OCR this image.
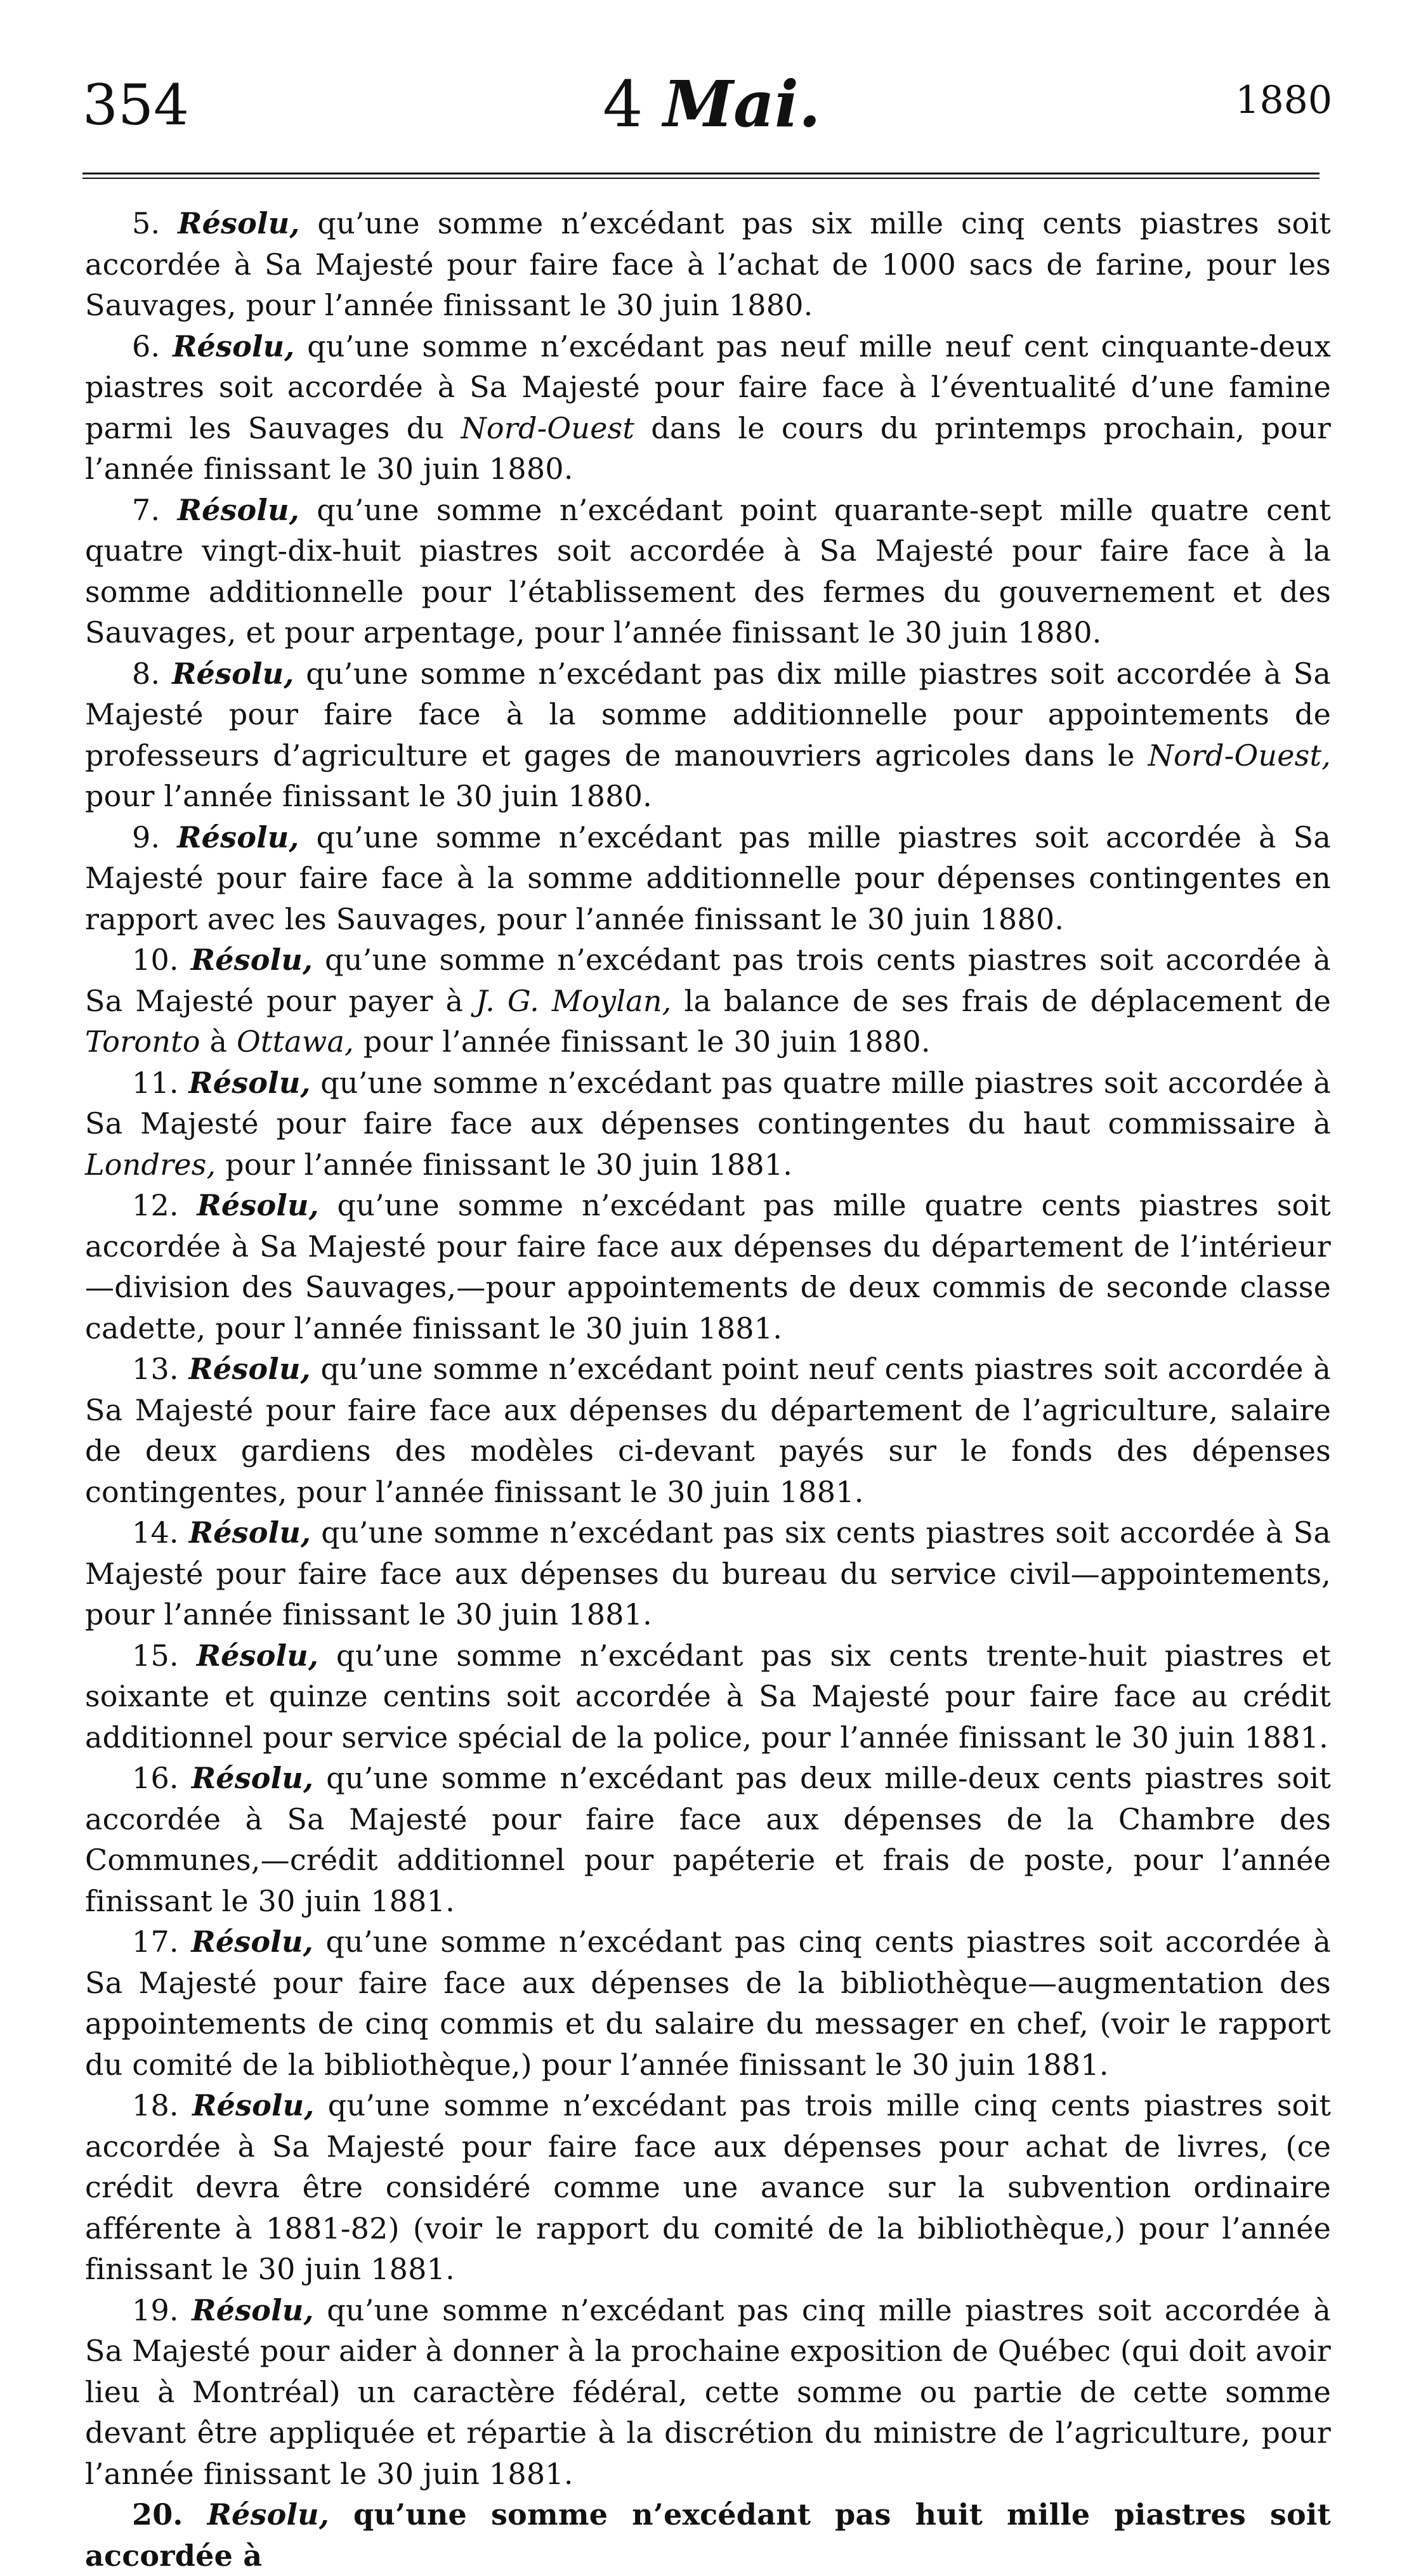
354	4 Mai.	1880

5. Résolu, qu’une somme n’excédant pas six mille cinq cents piastres soit accordée à Sa Majesté pour faire face à l’achat de 1000 sacs de farine, pour les Sauvages, pour l’année finissant le 30 juin 1880.

6. Résolu, qu’une somme n’excédant pas neuf mille neuf cent cinquante-deux piastres soit accordée à Sa Majesté pour faire face à l’éventualité d’une famine parmi les Sauvages du Nord-Ouest dans le cours du printemps prochain, pour l’année finissant le 30 juin 1880.

7. Résolu, qu’une somme n’excédant point quarante-sept mille quatre cent quatre vingt-dix-huit piastres soit accordée à Sa Majesté pour faire face à la somme additionnelle pour l’établissement des fermes du gouvernement et des Sauvages, et pour arpentage, pour l’année finissant le 30 juin 1880.

8. Résolu, qu’une somme n’excédant pas dix mille piastres soit accordée à Sa Majesté pour faire face à la somme additionnelle pour appointements de professeurs d’agriculture et gages de manouvriers agricoles dans le Nord-Ouest, pour l’année finissant le 30 juin 1880.

9. Résolu, qu’une somme n’excédant pas mille piastres soit accordée à Sa Majesté pour faire face à la somme additionnelle pour dépenses contingentes en rapport avec les Sauvages, pour l’année finissant le 30 juin 1880.

10. Résolu, qu’une somme n’excédant pas trois cents piastres soit accordée à Sa Majesté pour payer à J. G. Moylan, la balance de ses frais de déplacement de Toronto à Ottawa, pour l’année finissant le 30 juin 1880.

11. Résolu, qu’une somme n’excédant pas quatre mille piastres soit accordée à Sa Majesté pour faire face aux dépenses contingentes du haut commissaire à Londres, pour l’année finissant le 30 juin 1881.

12. Résolu, qu’une somme n’excédant pas mille quatre cents piastres soit accordée à Sa Majesté pour faire face aux dépenses du département de l’intérieur—division des Sauvages,—pour appointements de deux commis de seconde classe cadette, pour l’année finissant le 30 juin 1881.

13. Résolu, qu’une somme n’excédant point neuf cents piastres soit accordée à Sa Majesté pour faire face aux dépenses du département de l’agriculture, salaire de deux gardiens des modèles ci-devant payés sur le fonds des dépenses contingentes, pour l’année finissant le 30 juin 1881.

14. Résolu, qu’une somme n’excédant pas six cents piastres soit accordée à Sa Majesté pour faire face aux dépenses du bureau du service civil—appointements, pour l’année finissant le 30 juin 1881.

15. Résolu, qu’une somme n’excédant pas six cents trente-huit piastres et soixante et quinze centins soit accordée à Sa Majesté pour faire face au crédit additionnel pour service spécial de la police, pour l’année finissant le 30 juin 1881.

16. Résolu, qu’une somme n’excédant pas deux mille-deux cents piastres soit accordée à Sa Majesté pour faire face aux dépenses de la Chambre des Communes,—crédit additionnel pour papéterie et frais de poste, pour l’année finissant le 30 juin 1881.

17. Résolu, qu’une somme n’excédant pas cinq cents piastres soit accordée à Sa Majesté pour faire face aux dépenses de la bibliothèque—augmentation des appointements de cinq commis et du salaire du messager en chef, (voir le rapport du comité de la bibliothèque,) pour l’année finissant le 30 juin 1881.

18. Résolu, qu’une somme n’excédant pas trois mille cinq cents piastres soit accordée à Sa Majesté pour faire face aux dépenses pour achat de livres, (ce crédit devra être considéré comme une avance sur la subvention ordinaire afférente à 1881-82) (voir le rapport du comité de la bibliothèque,) pour l’année finissant le 30 juin 1881.

19. Résolu, qu’une somme n’excédant pas cinq mille piastres soit accordée à Sa Majesté pour aider à donner à la prochaine exposition de Québec (qui doit avoir lieu à Montréal) un caractère fédéral, cette somme ou partie de cette somme devant être appliquée et répartie à la discrétion du ministre de l’agriculture, pour l’année finissant le 30 juin 1881.

20. Résolu, qu’une somme n’excédant pas huit mille piastres soit accordée à
